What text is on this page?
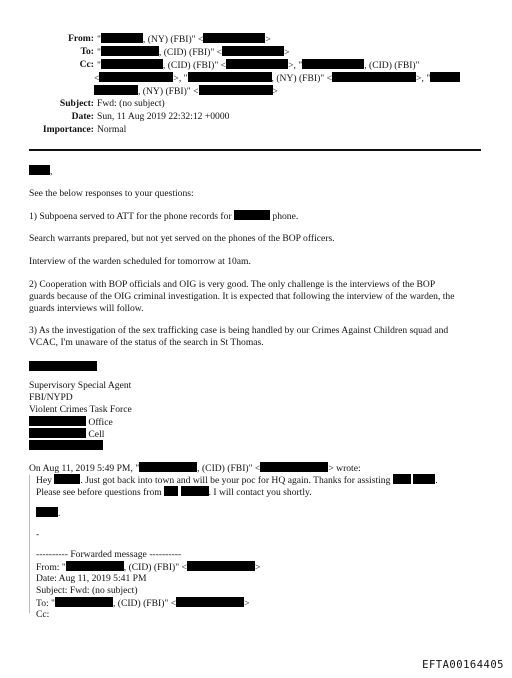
From: "	, (NY) (FBI)" <	>
To: "	, (CID) (FBI)" <	>
Cc: "	, (CID) (FBI)" <	>, "	, (CID) (FBI)"
<	>, "	, (NY) (FBI)" <	>, "
, (NY) (FBI)" <	>
Subject: Fwd: (no subject)
Date: Sun, 11 Aug 2019 22:32:12 +0000
Importance: Normal
,
See the below responses to your questions:
1) Subpoena served to ATT for the phone records for	phone.
Search warrants prepared, but not yet served on the phones of the BOP officers.
Interview of the warden scheduled for tomorrow at 10am.
2) Cooperation with BOP officials and OIG is very good. The only challenge is the interviews of the BOP
guards because of the OIG criminal investigation. It is expected that following the interview of the warden, the
guards interviews will follow.
3) As the investigation of the sex trafficking case is being handled by our Crimes Against Children squad and
VCAC, I'm unaware of the status of the search in St Thomas.
Supervisory Special Agent
FBI/NYPD
Violent Crimes Task Force
Office
Cell
On Aug 11, 2019 5:49 PM, "	, (CID) (FBI)" <	> wrote:
Hey	. Just got back into town and will be your poc for HQ again. Thanks for assisting	.
Please see before questions from	. I will contact you shortly.
.
-
---------- Forwarded message ----------
From: "	, (CID) (FBI)" <	>
Date: Aug 11, 2019 5:41 PM
Subject: Fwd: (no subject)
To: "	, (CID) (FBI)" <	>
Cc:
EFTA00164405
